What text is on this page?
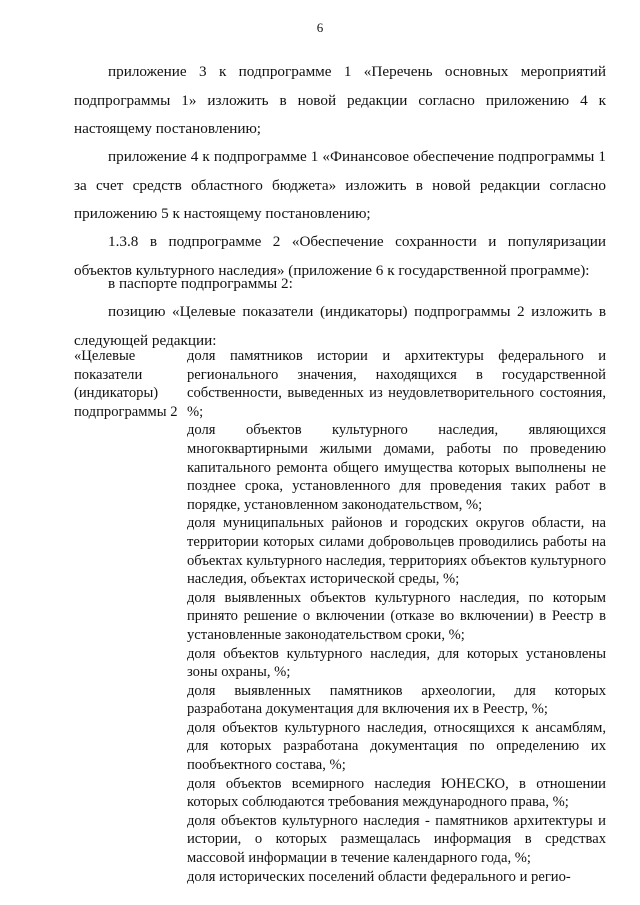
6
приложение 3 к подпрограмме 1 «Перечень основных мероприятий подпрограммы 1» изложить в новой редакции согласно приложению 4 к настоящему постановлению;
приложение 4 к подпрограмме 1 «Финансовое обеспечение подпрограммы 1 за счет средств областного бюджета» изложить в новой редакции согласно приложению 5 к настоящему постановлению;
1.3.8 в подпрограмме 2 «Обеспечение сохранности и популяризации объектов культурного наследия» (приложение 6 к государственной программе):
в паспорте подпрограммы 2:
позицию «Целевые показатели (индикаторы) подпрограммы 2 изложить в следующей редакции:
«Целевые показатели (индикаторы) подпрограммы 2

доля памятников истории и архитектуры федерального и регионального значения, находящихся в государственной собственности, выведенных из неудовлетворительного состояния, %;

доля объектов культурного наследия, являющихся многоквартирными жилыми домами, работы по проведению капитального ремонта общего имущества которых выполнены не позднее срока, установленного для проведения таких работ в порядке, установленном законодательством, %;

доля муниципальных районов и городских округов области, на территории которых силами добровольцев проводились работы на объектах культурного наследия, территориях объектов культурного наследия, объектах исторической среды, %;

доля выявленных объектов культурного наследия, по которым принято решение о включении (отказе во включении) в Реестр в установленные законодательством сроки, %;

доля объектов культурного наследия, для которых установлены зоны охраны, %;

доля выявленных памятников археологии, для которых разработана документация для включения их в Реестр, %;

доля объектов культурного наследия, относящихся к ансамблям, для которых разработана документация по определению их пообъектного состава, %;

доля объектов всемирного наследия ЮНЕСКО, в отношении которых соблюдаются требования международного права, %;

доля объектов культурного наследия - памятников архитектуры и истории, о которых размещалась информация в средствах массовой информации в течение календарного года, %;

доля исторических поселений области федерального и регио-
